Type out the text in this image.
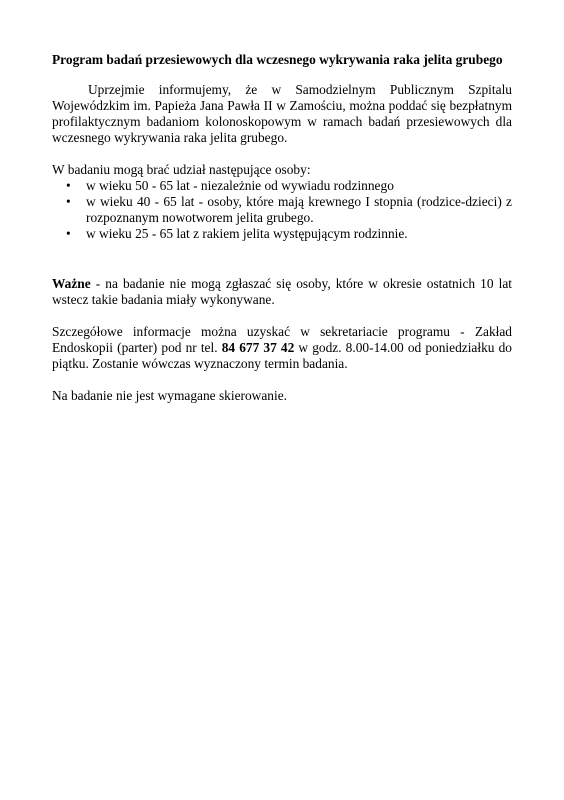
Program badań przesiewowych dla wczesnego wykrywania raka jelita grubego

Uprzejmie informujemy, że w Samodzielnym Publicznym Szpitalu Wojewódzkim im. Papieża Jana Pawła II w Zamościu, można poddać się bezpłatnym profilaktycznym badaniom kolonoskopowym w ramach badań przesiewowych dla wczesnego wykrywania raka jelita grubego.

W badaniu mogą brać udział następujące osoby:

• w wieku 50 - 65 lat - niezależnie od wywiadu rodzinnego
• w wieku 40 - 65 lat - osoby, które mają krewnego I stopnia (rodzice-dzieci) z rozpoznanym nowotworem jelita grubego.
• w wieku 25 - 65 lat z rakiem jelita występującym rodzinnie.

Ważne - na badanie nie mogą zgłaszać się osoby, które w okresie ostatnich 10 lat wstecz takie badania miały wykonywane.

Szczegółowe informacje można uzyskać w sekretariacie programu - Zakład Endoskopii (parter) pod nr tel. 84 677 37 42 w godz. 8.00-14.00 od poniedziałku do piątku. Zostanie wówczas wyznaczony termin badania.

Na badanie nie jest wymagane skierowanie.
